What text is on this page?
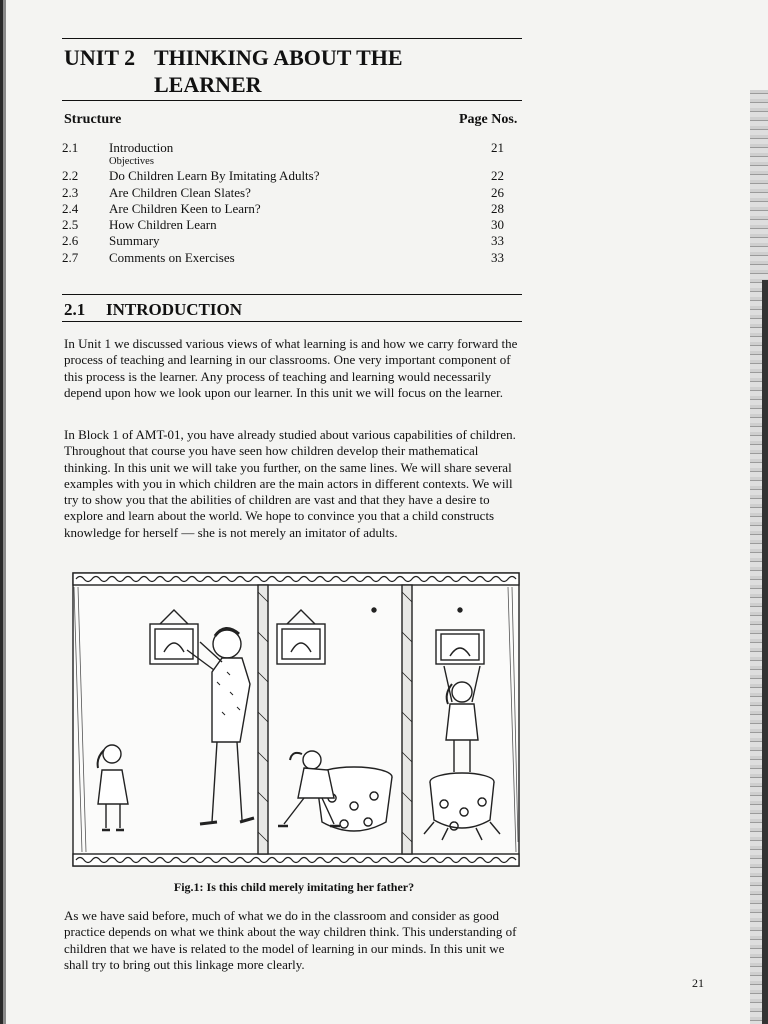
UNIT 2 THINKING ABOUT THE
LEARNER
Structure	Page Nos.
2.1 Introduction	21
Objectives
2.2 Do Children Learn By Imitating Adults?	22
2.3 Are Children Clean Slates?	26
2.4 Are Children Keen to Learn?	28
2.5 How Children Learn	30
2.6 Summary	33
2.7 Comments on Exercises	33
2.1 INTRODUCTION

In Unit 1 we discussed various views of what learning is and how we carry forward the process of teaching and learning in our classrooms. One very important component of this process is the learner. Any process of teaching and learning would necessarily depend upon how we look upon our learner. In this unit we will focus on the learner.

In Block 1 of AMT-01, you have already studied about various capabilities of children. Throughout that course you have seen how children develop their mathematical thinking. In this unit we will take you further, on the same lines. We will share several examples with you in which children are the main actors in different contexts. We will try to show you that the abilities of children are vast and that they have a desire to explore and learn about the world. We hope to convince you that a child constructs knowledge for herself — she is not merely an imitator of adults.

Fig.1: Is this child merely imitating her father?

As we have said before, much of what we do in the classroom and consider as good practice depends on what we think about the way children think. This understanding of children that we have is related to the model of learning in our minds. In this unit we shall try to bring out this linkage more clearly.

21
